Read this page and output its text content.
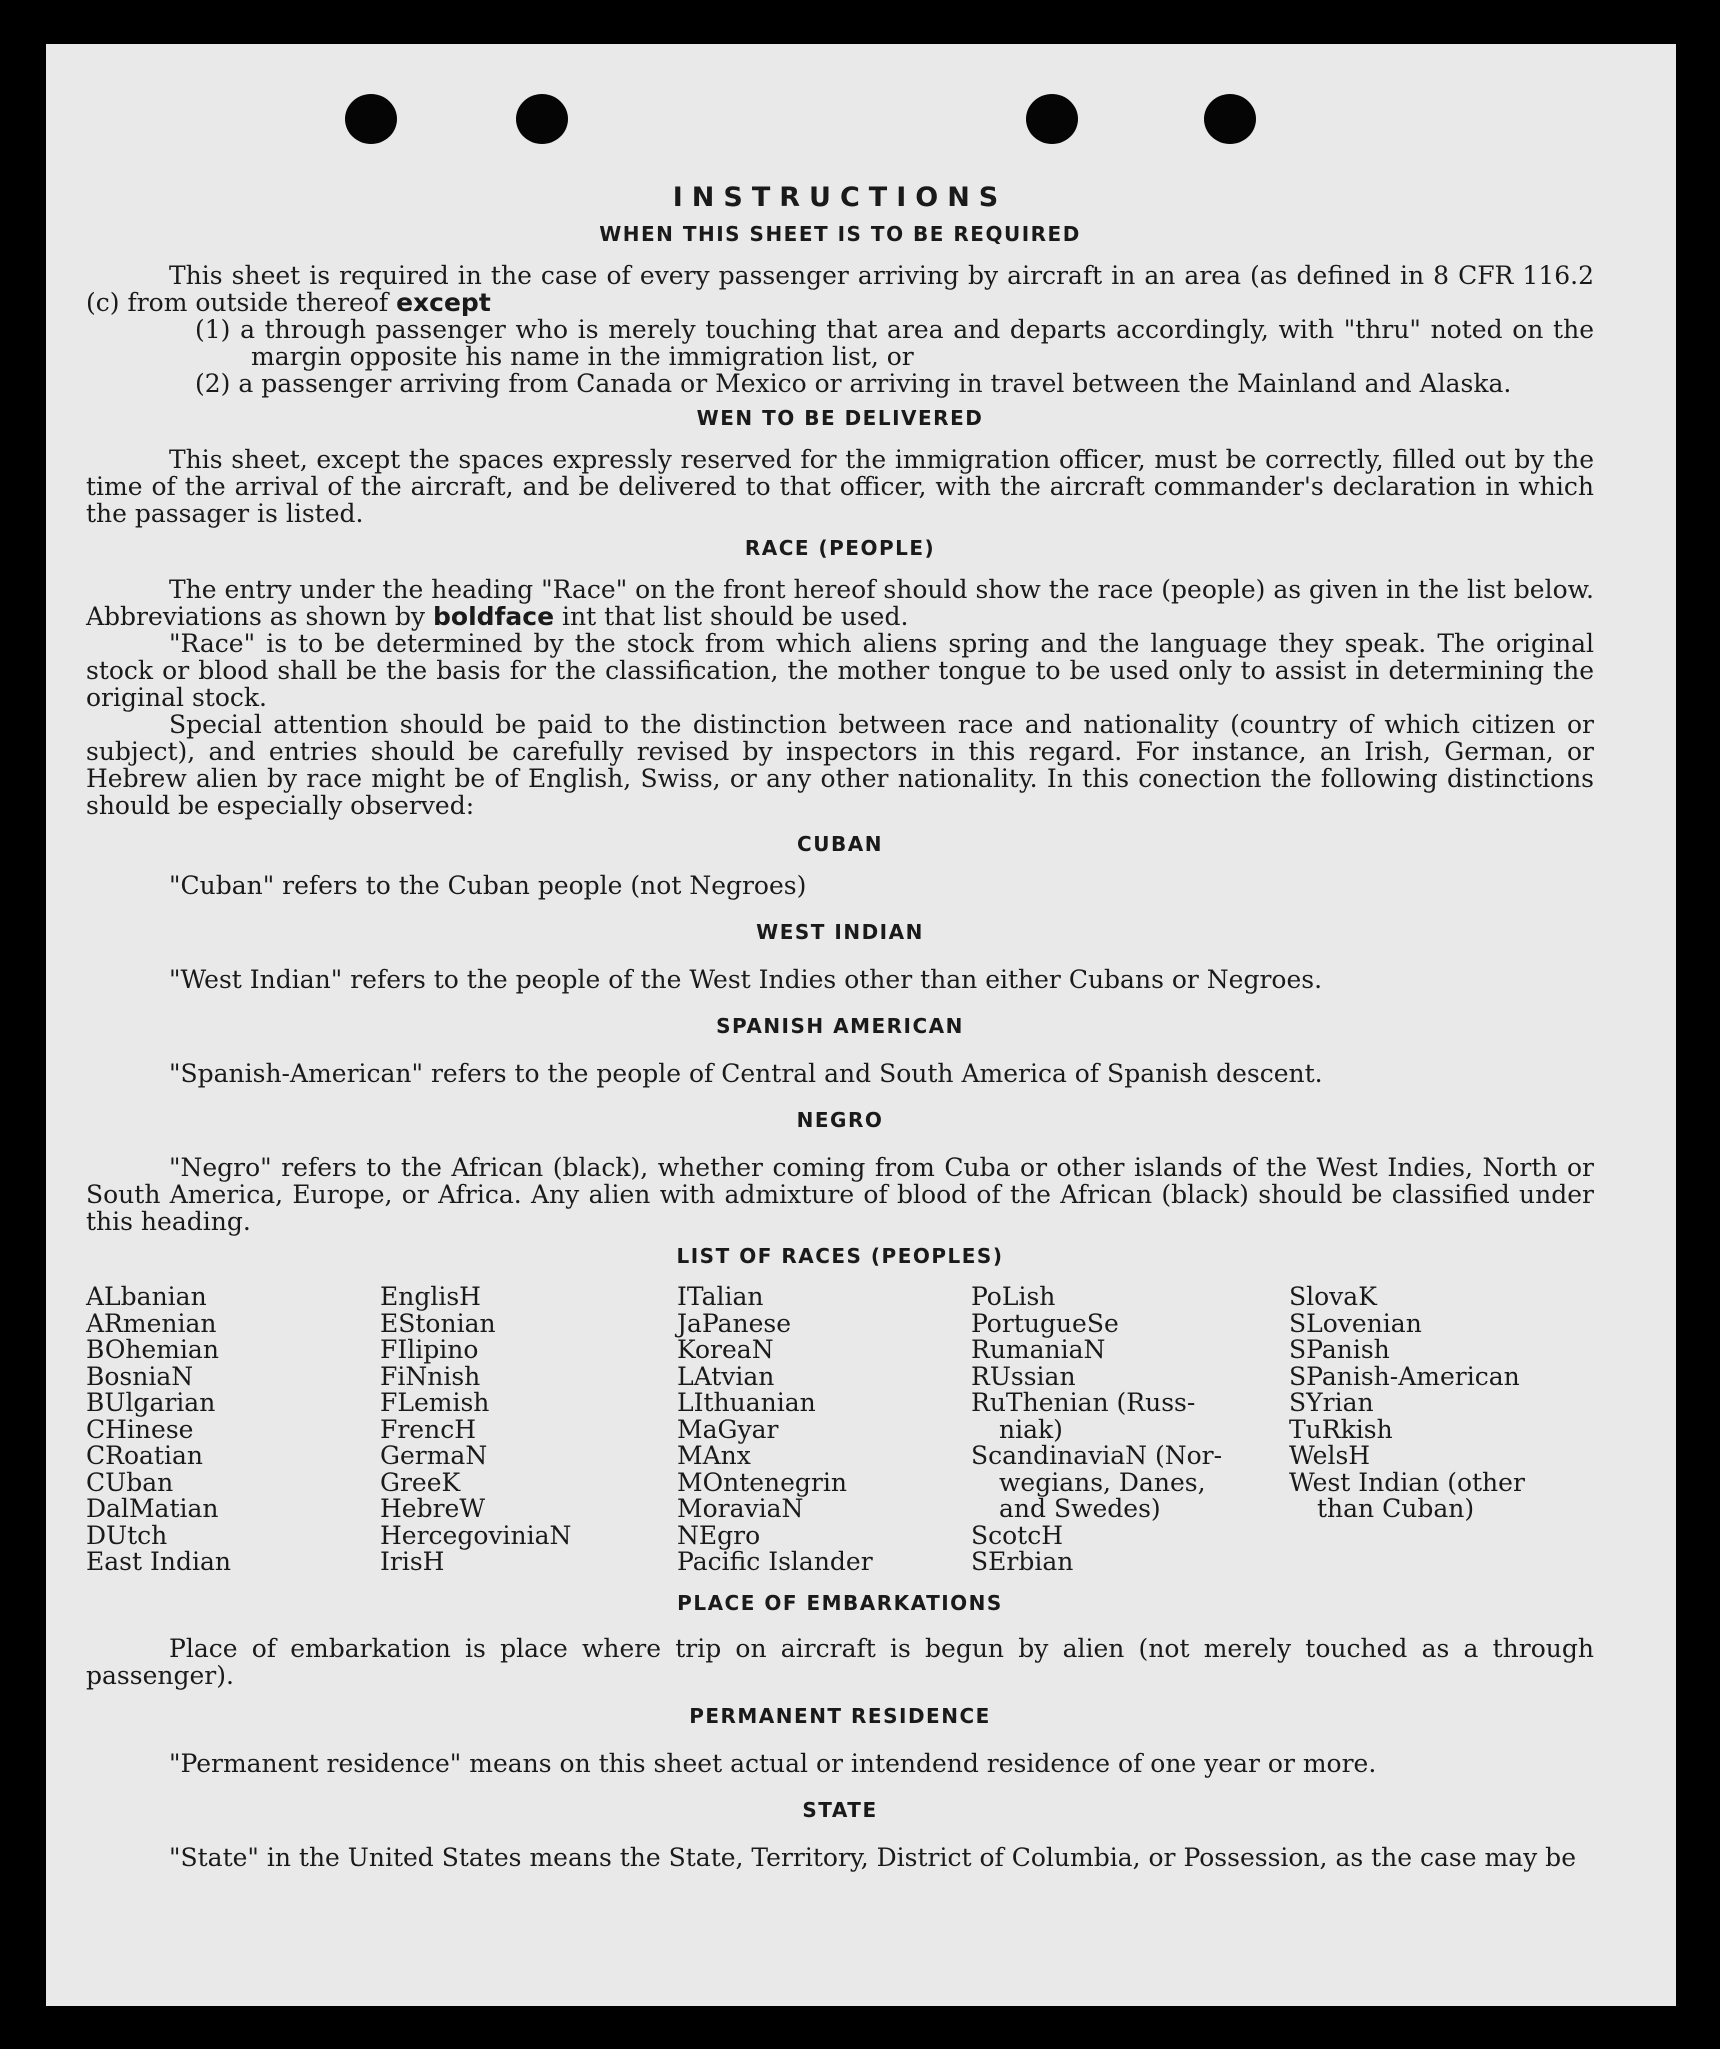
INSTRUCTIONS
WHEN THIS SHEET IS TO BE REQUIRED

This sheet is required in the case of every passenger arriving by aircraft in an area (as defined in 8 CFR 116.2 (c) from outside thereof except

(1) a through passenger who is merely touching that area and departs accordingly, with "thru" noted on the margin opposite his name in the immigration list, or
(2) a passenger arriving from Canada or Mexico or arriving in travel between the Mainland and Alaska.
WEN TO BE DELIVERED

This sheet, except the spaces expressly reserved for the immigration officer, must be correctly, filled out by the time of the arrival of the aircraft, and be delivered to that officer, with the aircraft commander's declaration in which the passager is listed.

RACE (PEOPLE)

The entry under the heading "Race" on the front hereof should show the race (people) as given in the list below. Abbreviations as shown by boldface int that list should be used.

"Race" is to be determined by the stock from which aliens spring and the language they speak. The original stock or blood shall be the basis for the classification, the mother tongue to be used only to assist in determining the original stock.

Special attention should be paid to the distinction between race and nationality (country of which citizen or subject), and entries should be carefully revised by inspectors in this regard. For instance, an Irish, German, or Hebrew alien by race might be of English, Swiss, or any other nationality. In this conection the following distinctions should be especially observed:

CUBAN

"Cuban" refers to the Cuban people (not Negroes)

WEST INDIAN

"West Indian" refers to the people of the West Indies other than either Cubans or Negroes.

SPANISH AMERICAN

"Spanish-American" refers to the people of Central and South America of Spanish descent.

NEGRO

"Negro" refers to the African (black), whether coming from Cuba or other islands of the West Indies, North or South America, Europe, or Africa. Any alien with admixture of blood of the African (black) should be classified under this heading.

LIST OF RACES (PEOPLES)
ALbanian
ARmenian
BOhemian
BosniaN
BUlgarian
CHinese
CRoatian
CUban
DalMatian
DUtch
East Indian
EnglisH
EStonian
FIlipino
FiNnish
FLemish
FrencH
GermaN
GreeK
HebreW
HercegoviniaN
IrisH
ITalian
JaPanese
KoreaN
LAtvian
LIthuanian
MaGyar
MAnx
MOntenegrin
MoraviaN
NEgro
Pacific Islander
PoLish
PortugueSe
RumaniaN
RUssian
RuThenian (Russ-
niak)
ScandinaviaN (Nor-
wegians, Danes,
and Swedes)
ScotcH
SErbian
SlovaK
SLovenian
SPanish
SPanish-American
SYrian
TuRkish
WelsH
West Indian (other
than Cuban)
PLACE OF EMBARKATIONS

Place of embarkation is place where trip on aircraft is begun by alien (not merely touched as a through passenger).

PERMANENT RESIDENCE

"Permanent residence" means on this sheet actual or intendend residence of one year or more.

STATE

"State" in the United States means the State, Territory, District of Columbia, or Possession, as the case may be
